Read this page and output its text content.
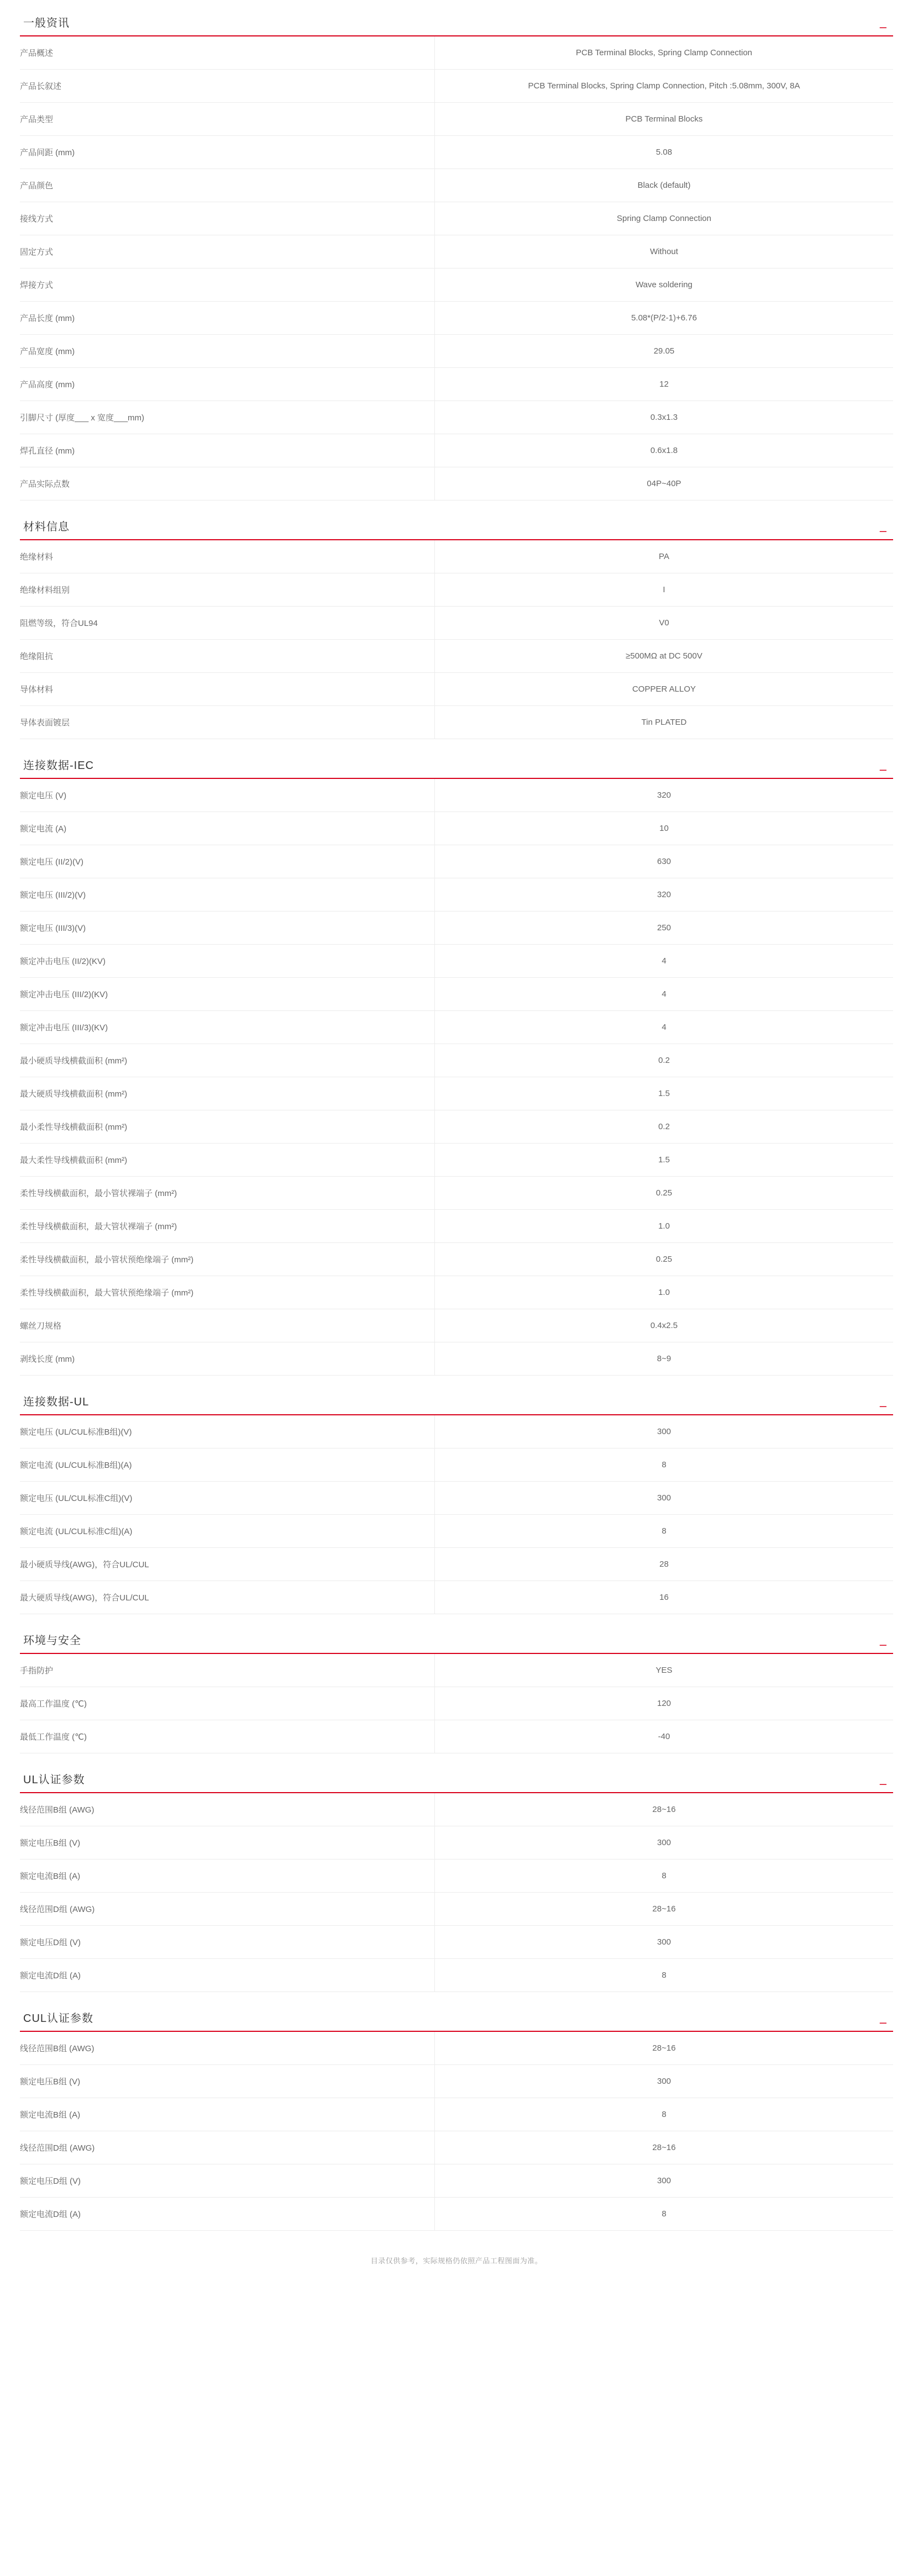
一般资讯	–
产品概述	PCB Terminal Blocks, Spring Clamp Connection
产品长叙述	PCB Terminal Blocks, Spring Clamp Connection, Pitch :5.08mm, 300V, 8A
产品类型	PCB Terminal Blocks
产品间距 (mm)	5.08
产品颜色	Black (default)
接线方式	Spring Clamp Connection
固定方式	Without
焊接方式	Wave soldering
产品长度 (mm)	5.08*(P/2-1)+6.76
产品宽度 (mm)	29.05
产品高度 (mm)	12
引脚尺寸 (厚度___ x 宽度___mm)	0.3x1.3
焊孔直径 (mm)	0.6x1.8
产品实际点数	04P~40P
材料信息	–
绝缘材料	PA
绝缘材料组别	I
阻燃等级，符合UL94	V0
绝缘阻抗	≥500MΩ at DC 500V
导体材料	COPPER ALLOY
导体表面镀层	Tin PLATED
连接数据-IEC	–
额定电压 (V)	320
额定电流 (A)	10
额定电压 (II/2)(V)	630
额定电压 (III/2)(V)	320
额定电压 (III/3)(V)	250
额定冲击电压 (II/2)(KV)	4
额定冲击电压 (III/2)(KV)	4
额定冲击电压 (III/3)(KV)	4
最小硬质导线横截面积 (mm²)	0.2
最大硬质导线横截面积 (mm²)	1.5
最小柔性导线横截面积 (mm²)	0.2
最大柔性导线横截面积 (mm²)	1.5
柔性导线横截面积，最小管状裸端子 (mm²)	0.25
柔性导线横截面积，最大管状裸端子 (mm²)	1.0
柔性导线横截面积，最小管状预绝缘端子 (mm²)	0.25
柔性导线横截面积，最大管状预绝缘端子 (mm²)	1.0
螺丝刀规格	0.4x2.5
剥线长度 (mm)	8~9
连接数据-UL	–
额定电压 (UL/CUL标准B组)(V)	300
额定电流 (UL/CUL标准B组)(A)	8
额定电压 (UL/CUL标准C组)(V)	300
额定电流 (UL/CUL标准C组)(A)	8
最小硬质导线(AWG)，符合UL/CUL	28
最大硬质导线(AWG)，符合UL/CUL	16
环境与安全	–
手指防护	YES
最高工作温度 (℃)	120
最低工作温度 (℃)	-40
UL认证参数	–
线径范围B组 (AWG)	28~16
额定电压B组 (V)	300
额定电流B组 (A)	8
线径范围D组 (AWG)	28~16
额定电压D组 (V)	300
额定电流D组 (A)	8
CUL认证参数	–
线径范围B组 (AWG)	28~16
额定电压B组 (V)	300
额定电流B组 (A)	8
线径范围D组 (AWG)	28~16
额定电压D组 (V)	300
额定电流D组 (A)	8
目录仅供参考，实际规格仍依照产品工程图面为准。
